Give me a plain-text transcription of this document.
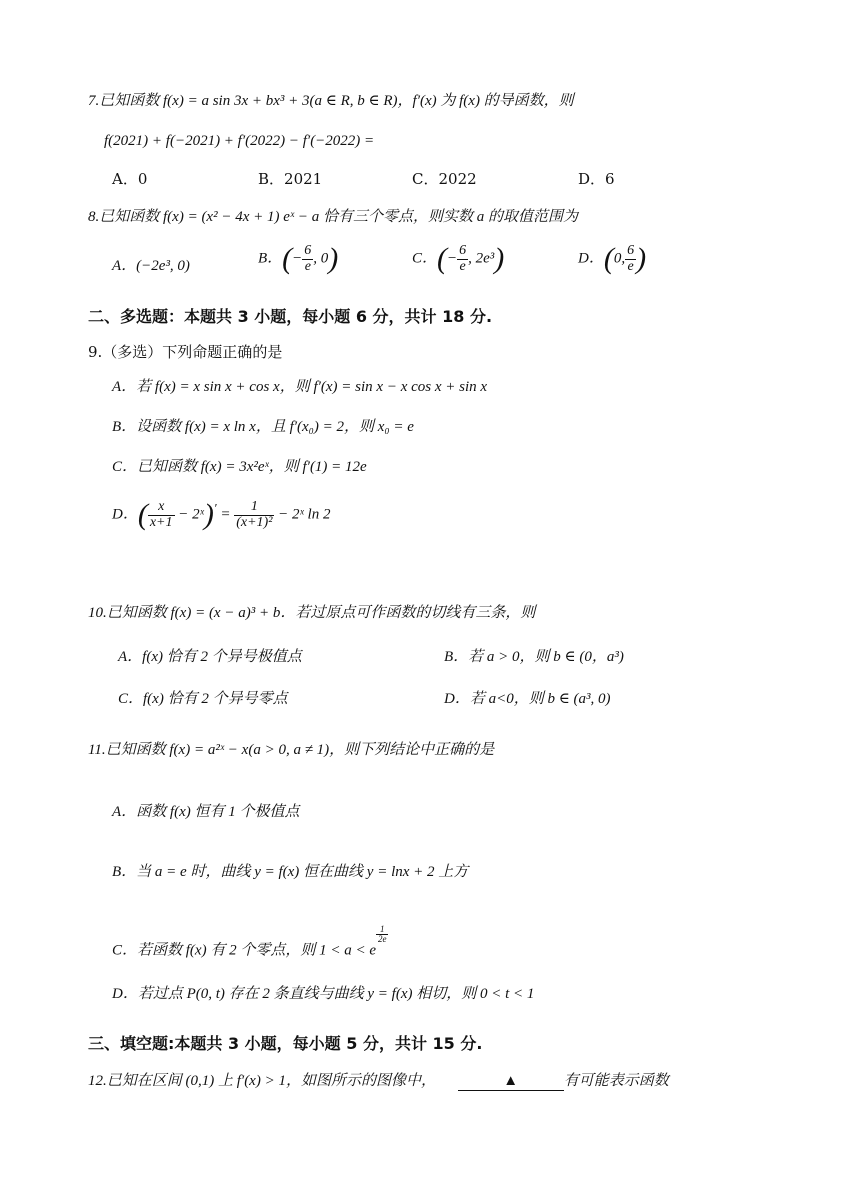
7.已知函数 f(x) = a sin 3x + bx³ + 3(a ∈ R, b ∈ R)，f′(x) 为 f(x) 的导函数，则
f(2021) + f(−2021) + f′(2022) − f′(−2022) =
A．0	B．2021	C．2022	D．6
8.已知函数 f(x) = (x² − 4x + 1) eˣ − a 恰有三个零点，则实数 a 的取值范围为
A．(−2e³, 0)	B．(− $\frac{6}{e}$ , 0)	C．(− $\frac{6}{e}$ , 2e³)	D．(0, $\frac{6}{e}$ )
二、多选题：本题共 3 小题，每小题 6 分，共计 18 分.
9.（多选）下列命题正确的是
A．若 f(x) = x sin x + cos x，则 f′(x) = sin x − x cos x + sin x
B．设函数 f(x) = x ln x，且 f′(x₀) = 2，则 x₀ = e
C．已知函数 f(x) = 3x²eˣ，则 f′(1) = 12e
D．( $\frac{x}{x+1}$ − 2ˣ)′ = $\frac{1}{\text{(x+1)²}}$ − 2ˣ ln 2
10.已知函数 f(x) = (x − a)³ + b．若过原点可作函数的切线有三条，则
A．f(x) 恰有 2 个异号极值点	B．若 a > 0，则 b ∈ (0，a³)
C．f(x) 恰有 2 个异号零点	D．若 a<0，则 b ∈ (a³, 0)
11.已知函数 f(x) = a²ˣ − x(a > 0, a ≠ 1)，则下列结论中正确的是
A．函数 f(x) 恒有 1 个极值点
B．当 a = e 时，曲线 y = f(x) 恒在曲线 y = lnx + 2 上方
C．若函数 f(x) 有 2 个零点，则 1 < a < e
$\frac{1}{2e}$
D．若过点 P(0, t) 存在 2 条直线与曲线 y = f(x) 相切，则 0 < t < 1
三、填空题:本题共 3 小题，每小题 5 分，共计 15 分.
12.已知在区间 (0,1) 上 f′(x) > 1，如图所示的图像中，	▲	有可能表示函数
